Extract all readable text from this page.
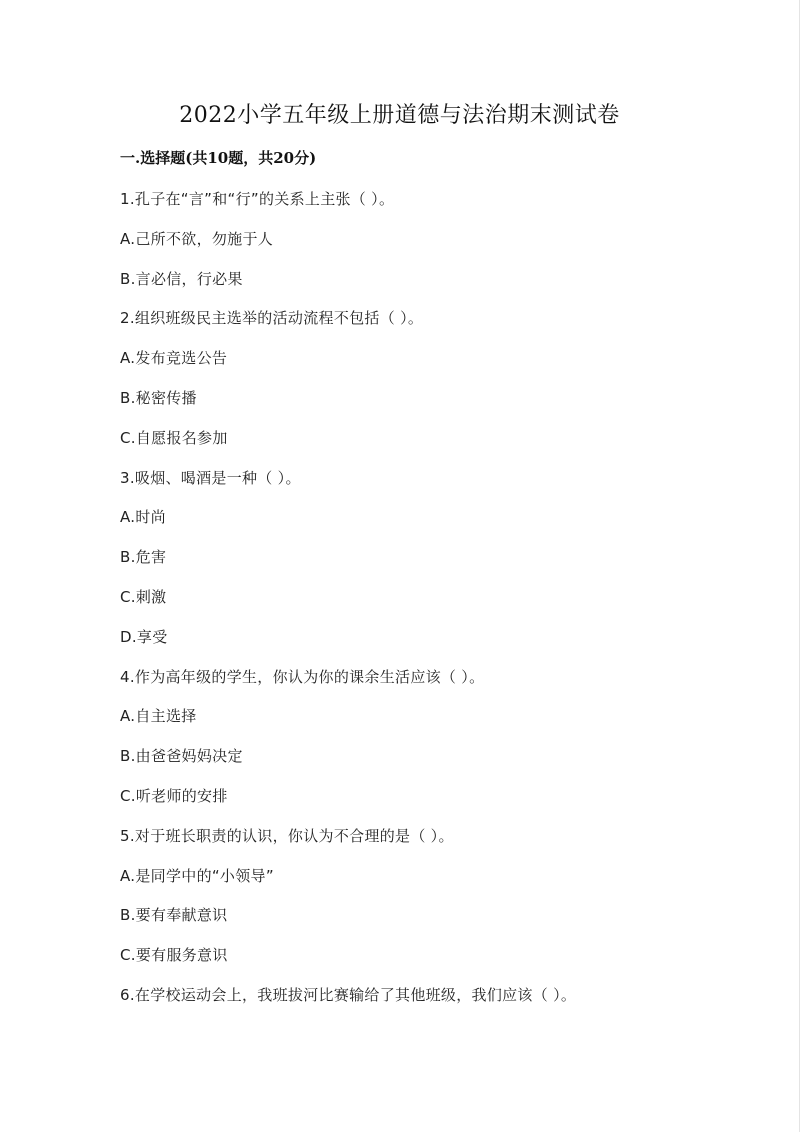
2022小学五年级上册道德与法治期末测试卷
一.选择题(共10题，共20分)
1.孔子在“言”和“行”的关系上主张（ ）。
A.己所不欲，勿施于人
B.言必信，行必果
2.组织班级民主选举的活动流程不包括（ ）。
A.发布竞选公告
B.秘密传播
C.自愿报名参加
3.吸烟、喝酒是一种（ ）。
A.时尚
B.危害
C.刺激
D.享受
4.作为高年级的学生，你认为你的课余生活应该（ ）。
A.自主选择
B.由爸爸妈妈决定
C.听老师的安排
5.对于班长职责的认识，你认为不合理的是（ ）。
A.是同学中的“小领导”
B.要有奉献意识
C.要有服务意识
6.在学校运动会上，我班拔河比赛输给了其他班级，我们应该（ ）。
